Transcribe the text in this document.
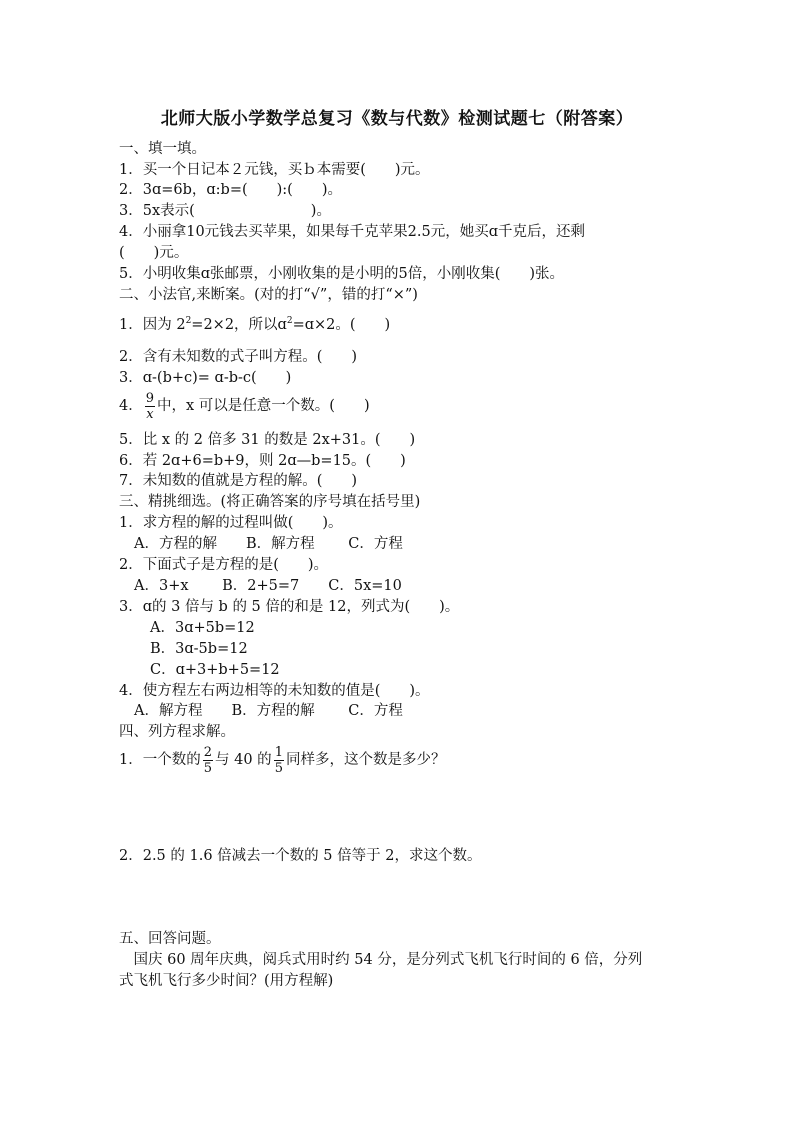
北师大版小学数学总复习《数与代数》检测试题七（附答案）
一、填一填。
1．买一个日记本２元钱，买ｂ本需要(　　)元。
2．3ɑ=6b，ɑ:b=(　　):(　　)。
3．5x表示(　　　　　　　　)。
4．小丽拿10元钱去买苹果，如果每千克苹果2.5元，她买ɑ千克后，还剩
(　　)元。
5．小明收集ɑ张邮票，小刚收集的是小明的5倍，小刚收集(　　)张。
二、小法官,来断案。(对的打“√”，错的打“×”)
1．因为 $2^2=2\times 2$，所以ɑ$^2$=ɑ×2。(　　)
2．含有未知数的式子叫方程。(　　)
3．ɑ-(b+c)= ɑ-b-c(　　)
4． $\frac{9}{x}$ 中，x 可以是任意一个数。(　　)
5．比 x 的 2 倍多 31 的数是 2x+31。(　　)
6．若 2ɑ+6=b+9，则 2ɑ—b=15。(　　)
7．未知数的值就是方程的解。(　　)
三、精挑细选。(将正确答案的序号填在括号里)
1．求方程的解的过程叫做(　　)。
A．方程的解　　B．解方程　　 C．方程
2．下面式子是方程的是(　　)。
A．3+x　　 B．2+5=7　　C．5x=10
3．ɑ的 3 倍与 b 的 5 倍的和是 12，列式为(　　)。
A．3ɑ+5b=12
B．3ɑ-5b=12
C．ɑ+3+b+5=12
4．使方程左右两边相等的未知数的值是(　　)。
A．解方程　　B．方程的解　　 C．方程
四、列方程求解。
1．一个数的 $\frac{2}{5}$ 与 40 的 $\frac{1}{5}$ 同样多，这个数是多少？
2．2.5 的 1.6 倍减去一个数的 5 倍等于 2，求这个数。
五、回答问题。
　国庆 60 周年庆典，阅兵式用时约 54 分，是分列式飞机飞行时间的 6 倍，分列
式飞机飞行多少时间？(用方程解)
